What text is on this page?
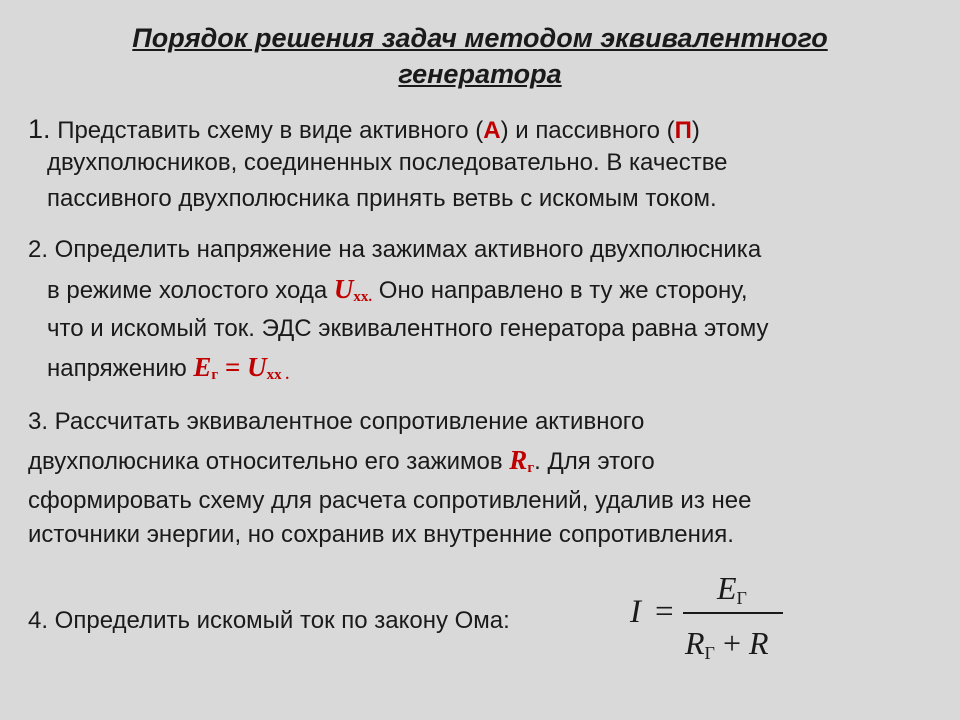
Порядок решения задач методом эквивалентного
генератора
1. Представить схему в виде активного (А) и пассивного (П)
двухполюсников, соединенных последовательно. В качестве
пассивного двухполюсника принять ветвь с искомым током.
2. Определить напряжение на зажимах активного двухполюсника
в режиме холостого хода Uхх. Оно направлено в ту же сторону,
что и искомый ток. ЭДС эквивалентного генератора равна этому
напряжению Eг = Uхх .
3. Рассчитать эквивалентное сопротивление активного
двухполюсника относительно его зажимов Rг. Для этого
сформировать схему для расчета сопротивлений, удалив из нее
источники энергии, но сохранив их внутренние сопротивления.
4. Определить искомый ток по закону Ома:	I =
EГ
RГ + R
